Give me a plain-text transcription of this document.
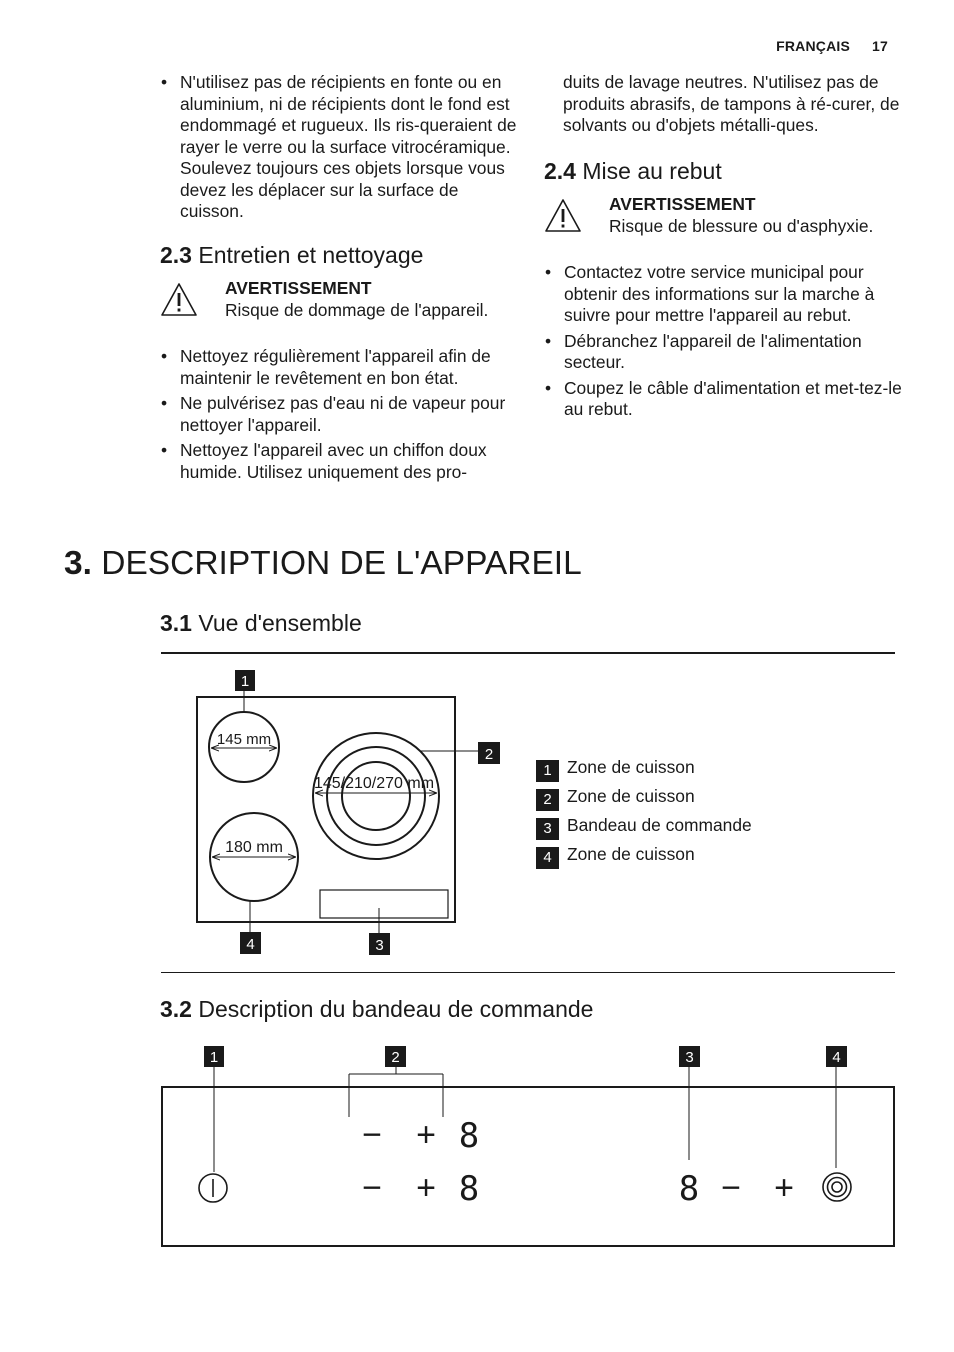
FRANÇAIS 17
• N'utilisez pas de récipients en fonte ou en aluminium, ni de récipients dont le fond est endommagé et rugueux. Ils ris-queraient de rayer le verre ou la surface vitrocéramique. Soulevez toujours ces objets lorsque vous devez les déplacer sur la surface de cuisson.
2.3 Entretien et nettoyage
AVERTISSEMENT
Risque de dommage de l'appareil.
• Nettoyez régulièrement l'appareil afin de maintenir le revêtement en bon état.
• Ne pulvérisez pas d'eau ni de vapeur pour nettoyer l'appareil.
• Nettoyez l'appareil avec un chiffon doux humide. Utilisez uniquement des pro-
duits de lavage neutres. N'utilisez pas de produits abrasifs, de tampons à ré-curer, de solvants ou d'objets métalli-ques.
2.4 Mise au rebut
AVERTISSEMENT
Risque de blessure ou d'asphyxie.
• Contactez votre service municipal pour obtenir des informations sur la marche à suivre pour mettre l'appareil au rebut.
• Débranchez l'appareil de l'alimentation secteur.
• Coupez le câble d'alimentation et met-tez-le au rebut.
3. DESCRIPTION DE L'APPAREIL
3.1 Vue d'ensemble
1
2
3
4
145 mm
145/210/270 mm
180 mm
1 Zone de cuisson
2 Zone de cuisson
3 Bandeau de commande
4 Zone de cuisson
3.2 Description du bandeau de commande
1	2	3	4
− + 8
− + 8	8 − +
